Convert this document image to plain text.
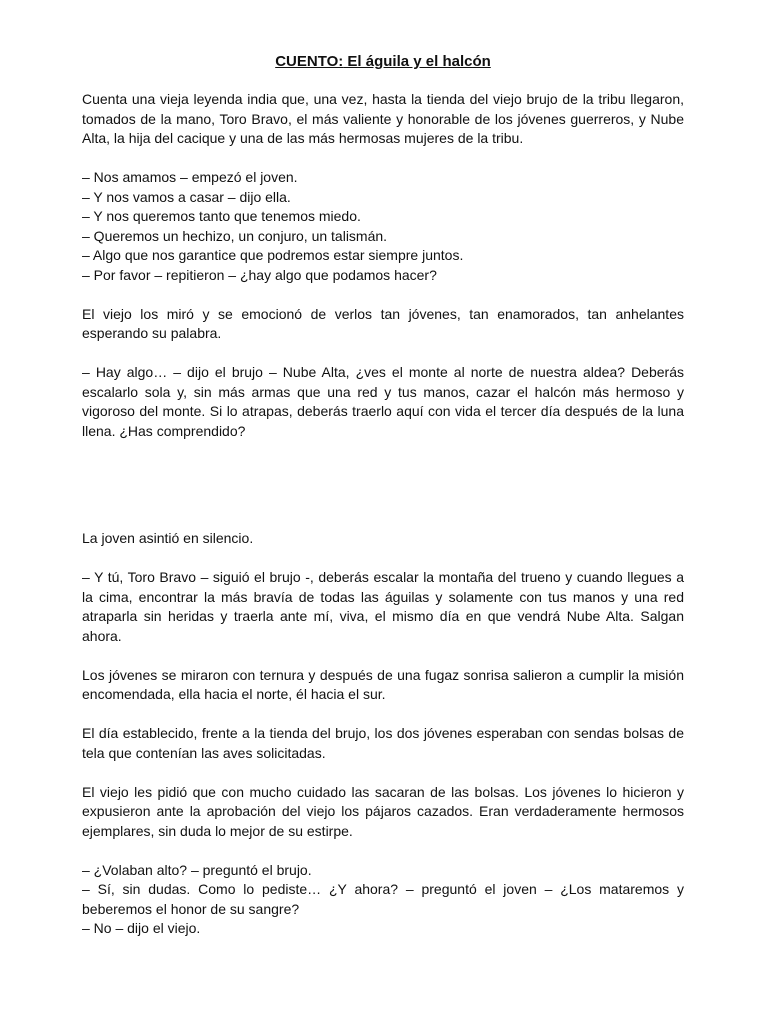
CUENTO: El águila y el halcón

Cuenta una vieja leyenda india que, una vez, hasta la tienda del viejo brujo de la tribu llegaron, tomados de la mano, Toro Bravo, el más valiente y honorable de los jóvenes guerreros, y Nube Alta, la hija del cacique y una de las más hermosas mujeres de la tribu.

– Nos amamos – empezó el joven.
– Y nos vamos a casar – dijo ella.
– Y nos queremos tanto que tenemos miedo.
– Queremos un hechizo, un conjuro, un talismán.
– Algo que nos garantice que podremos estar siempre juntos.
– Por favor – repitieron – ¿hay algo que podamos hacer?

El viejo los miró y se emocionó de verlos tan jóvenes, tan enamorados, tan anhelantes esperando su palabra.

– Hay algo… – dijo el brujo – Nube Alta, ¿ves el monte al norte de nuestra aldea? Deberás escalarlo sola y, sin más armas que una red y tus manos, cazar el halcón más hermoso y vigoroso del monte. Si lo atrapas, deberás traerlo aquí con vida el tercer día después de la luna llena. ¿Has comprendido?

La joven asintió en silencio.

– Y tú, Toro Bravo – siguió el brujo -, deberás escalar la montaña del trueno y cuando llegues a la cima, encontrar la más bravía de todas las águilas y solamente con tus manos y una red atraparla sin heridas y traerla ante mí, viva, el mismo día en que vendrá Nube Alta. Salgan ahora.

Los jóvenes se miraron con ternura y después de una fugaz sonrisa salieron a cumplir la misión encomendada, ella hacia el norte, él hacia el sur.

El día establecido, frente a la tienda del brujo, los dos jóvenes esperaban con sendas bolsas de tela que contenían las aves solicitadas.

El viejo les pidió que con mucho cuidado las sacaran de las bolsas. Los jóvenes lo hicieron y expusieron ante la aprobación del viejo los pájaros cazados. Eran verdaderamente hermosos ejemplares, sin duda lo mejor de su estirpe.

– ¿Volaban alto? – preguntó el brujo.
– Sí, sin dudas. Como lo pediste… ¿Y ahora? – preguntó el joven – ¿Los mataremos y beberemos el honor de su sangre?
– No – dijo el viejo.
